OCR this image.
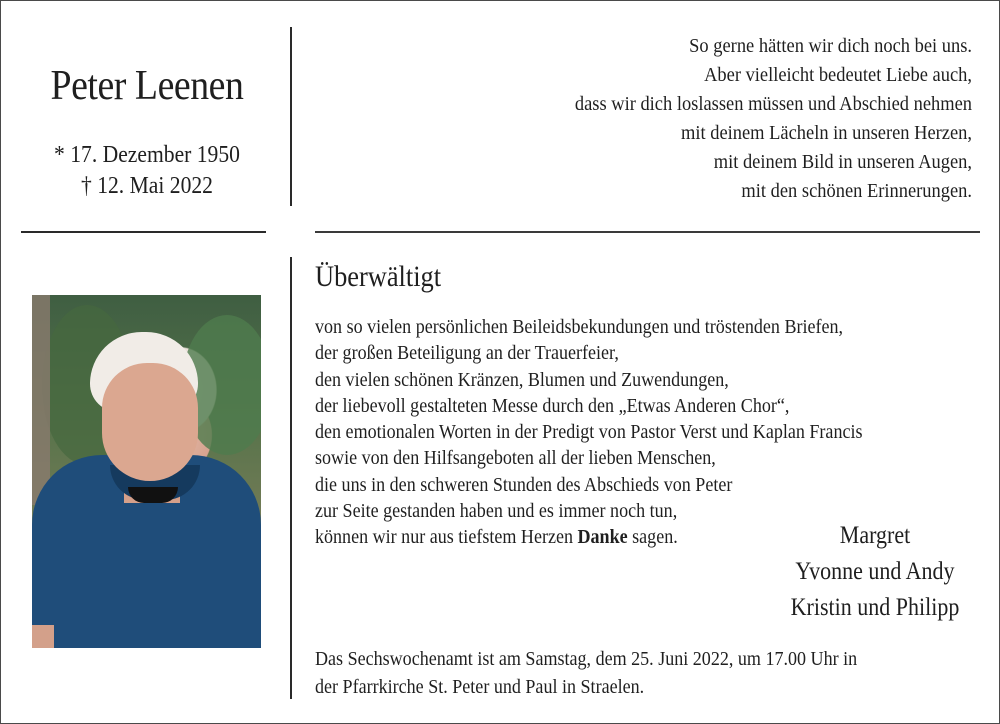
Peter Leenen
* 17. Dezember 1950
† 12. Mai 2022
So gerne hätten wir dich noch bei uns.
Aber vielleicht bedeutet Liebe auch,
dass wir dich loslassen müssen und Abschied nehmen
mit deinem Lächeln in unseren Herzen,
mit deinem Bild in unseren Augen,
mit den schönen Erinnerungen.
Überwältigt
von so vielen persönlichen Beileidsbekundungen und tröstenden Briefen,
der großen Beteiligung an der Trauerfeier,
den vielen schönen Kränzen, Blumen und Zuwendungen,
der liebevoll gestalteten Messe durch den „Etwas Anderen Chor“,
den emotionalen Worten in der Predigt von Pastor Verst und Kaplan Francis
sowie von den Hilfsangeboten all der lieben Menschen,
die uns in den schweren Stunden des Abschieds von Peter
zur Seite gestanden haben und es immer noch tun,
können wir nur aus tiefstem Herzen Danke sagen.	Margret
Yvonne und Andy
Kristin und Philipp
Das Sechswochenamt ist am Samstag, dem 25. Juni 2022, um 17.00 Uhr in
der Pfarrkirche St. Peter und Paul in Straelen.
